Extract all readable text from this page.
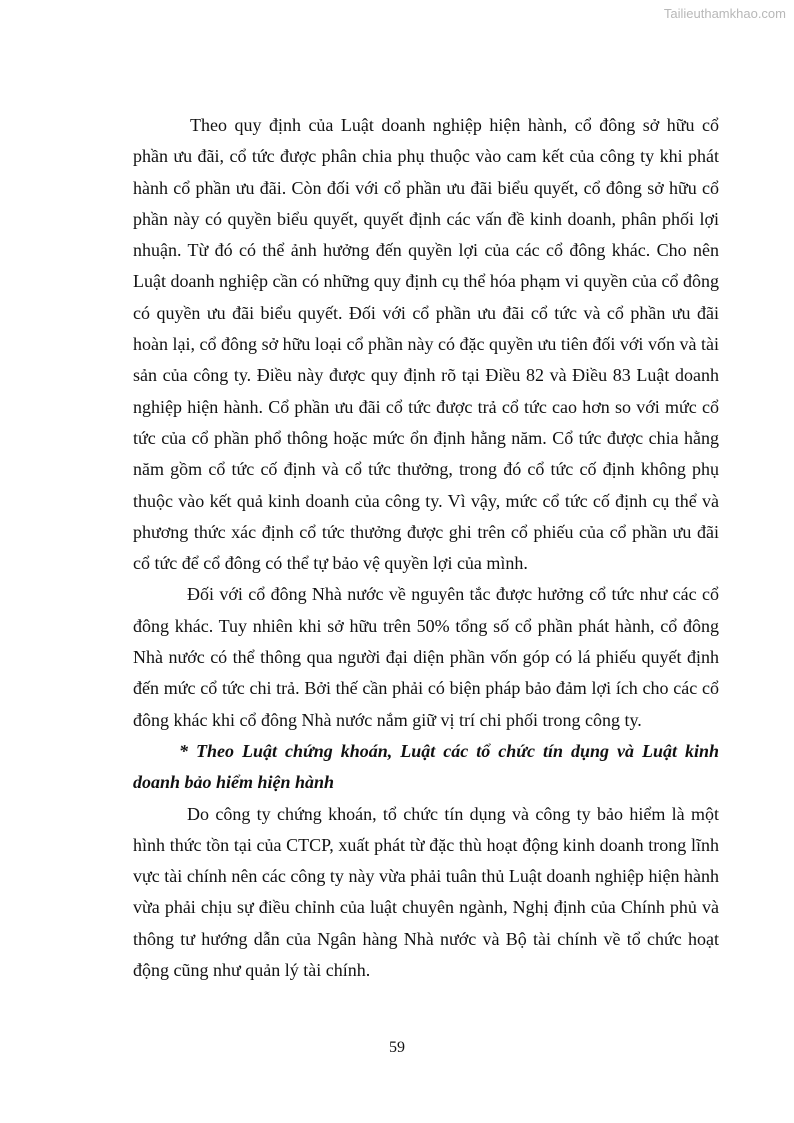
Tailieuthamkhao.com

Theo quy định của Luật doanh nghiệp hiện hành, cổ đông sở hữu cổ phần ưu đãi, cổ tức được phân chia phụ thuộc vào cam kết của công ty khi phát hành cổ phần ưu đãi. Còn đối với cổ phần ưu đãi biểu quyết, cổ đông sở hữu cổ phần này có quyền biểu quyết, quyết định các vấn đề kinh doanh, phân phối lợi nhuận. Từ đó có thể ảnh hưởng đến quyền lợi của các cổ đông khác. Cho nên Luật doanh nghiệp cần có những quy định cụ thể hóa phạm vi quyền của cổ đông có quyền ưu đãi biểu quyết. Đối với cổ phần ưu đãi cổ tức và cổ phần ưu đãi hoàn lại, cổ đông sở hữu loại cổ phần này có đặc quyền ưu tiên đối với vốn và tài sản của công ty. Điều này được quy định rõ tại Điều 82 và Điều 83 Luật doanh nghiệp hiện hành. Cổ phần ưu đãi cổ tức được trả cổ tức cao hơn so với mức cổ tức của cổ phần phổ thông hoặc mức ổn định hằng năm. Cổ tức được chia hằng năm gồm cổ tức cố định và cổ tức thưởng, trong đó cổ tức cố định không phụ thuộc vào kết quả kinh doanh của công ty. Vì vậy, mức cổ tức cố định cụ thể và phương thức xác định cổ tức thưởng được ghi trên cổ phiếu của cổ phần ưu đãi cổ tức để cổ đông có thể tự bảo vệ quyền lợi của mình.

Đối với cổ đông Nhà nước về nguyên tắc được hưởng cổ tức như các cổ đông khác. Tuy nhiên khi sở hữu trên 50% tổng số cổ phần phát hành, cổ đông Nhà nước có thể thông qua người đại diện phần vốn góp có lá phiếu quyết định đến mức cổ tức chi trả. Bởi thế cần phải có biện pháp bảo đảm lợi ích cho các cổ đông khác khi cổ đông Nhà nước nắm giữ vị trí chi phối trong công ty.

* Theo Luật chứng khoán, Luật các tổ chức tín dụng và Luật kinh doanh bảo hiểm hiện hành

Do công ty chứng khoán, tổ chức tín dụng và công ty bảo hiểm là một hình thức tồn tại của CTCP, xuất phát từ đặc thù hoạt động kinh doanh trong lĩnh vực tài chính nên các công ty này vừa phải tuân thủ Luật doanh nghiệp hiện hành vừa phải chịu sự điều chỉnh của luật chuyên ngành, Nghị định của Chính phủ và thông tư hướng dẫn của Ngân hàng Nhà nước và Bộ tài chính về tổ chức hoạt động cũng như quản lý tài chính.

59
